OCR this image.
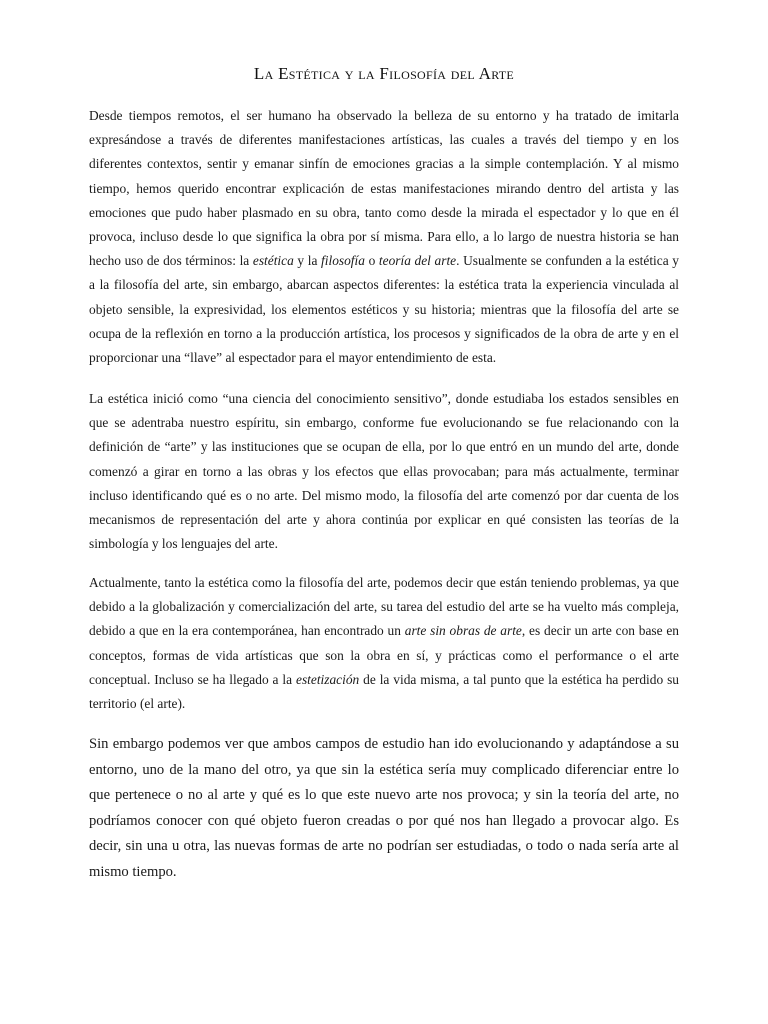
La Estética y la Filosofía del Arte

Desde tiempos remotos, el ser humano ha observado la belleza de su entorno y ha tratado de imitarla expresándose a través de diferentes manifestaciones artísticas, las cuales a través del tiempo y en los diferentes contextos, sentir y emanar sinfín de emociones gracias a la simple contemplación. Y al mismo tiempo, hemos querido encontrar explicación de estas manifestaciones mirando dentro del artista y las emociones que pudo haber plasmado en su obra, tanto como desde la mirada el espectador y lo que en él provoca, incluso desde lo que significa la obra por sí misma. Para ello, a lo largo de nuestra historia se han hecho uso de dos términos: la estética y la filosofía o teoría del arte. Usualmente se confunden a la estética y a la filosofía del arte, sin embargo, abarcan aspectos diferentes: la estética trata la experiencia vinculada al objeto sensible, la expresividad, los elementos estéticos y su historia; mientras que la filosofía del arte se ocupa de la reflexión en torno a la producción artística, los procesos y significados de la obra de arte y en el proporcionar una “llave” al espectador para el mayor entendimiento de esta.

La estética inició como “una ciencia del conocimiento sensitivo”, donde estudiaba los estados sensibles en que se adentraba nuestro espíritu, sin embargo, conforme fue evolucionando se fue relacionando con la definición de “arte” y las instituciones que se ocupan de ella, por lo que entró en un mundo del arte, donde comenzó a girar en torno a las obras y los efectos que ellas provocaban; para más actualmente, terminar incluso identificando qué es o no arte. Del mismo modo, la filosofía del arte comenzó por dar cuenta de los mecanismos de representación del arte y ahora continúa por explicar en qué consisten las teorías de la simbología y los lenguajes del arte.

Actualmente, tanto la estética como la filosofía del arte, podemos decir que están teniendo problemas, ya que debido a la globalización y comercialización del arte, su tarea del estudio del arte se ha vuelto más compleja, debido a que en la era contemporánea, han encontrado un arte sin obras de arte, es decir un arte con base en conceptos, formas de vida artísticas que son la obra en sí, y prácticas como el performance o el arte conceptual. Incluso se ha llegado a la estetización de la vida misma, a tal punto que la estética ha perdido su territorio (el arte).

Sin embargo podemos ver que ambos campos de estudio han ido evolucionando y adaptándose a su entorno, uno de la mano del otro, ya que sin la estética sería muy complicado diferenciar entre lo que pertenece o no al arte y qué es lo que este nuevo arte nos provoca; y sin la teoría del arte, no podríamos conocer con qué objeto fueron creadas o por qué nos han llegado a provocar algo. Es decir, sin una u otra, las nuevas formas de arte no podrían ser estudiadas, o todo o nada sería arte al mismo tiempo.
